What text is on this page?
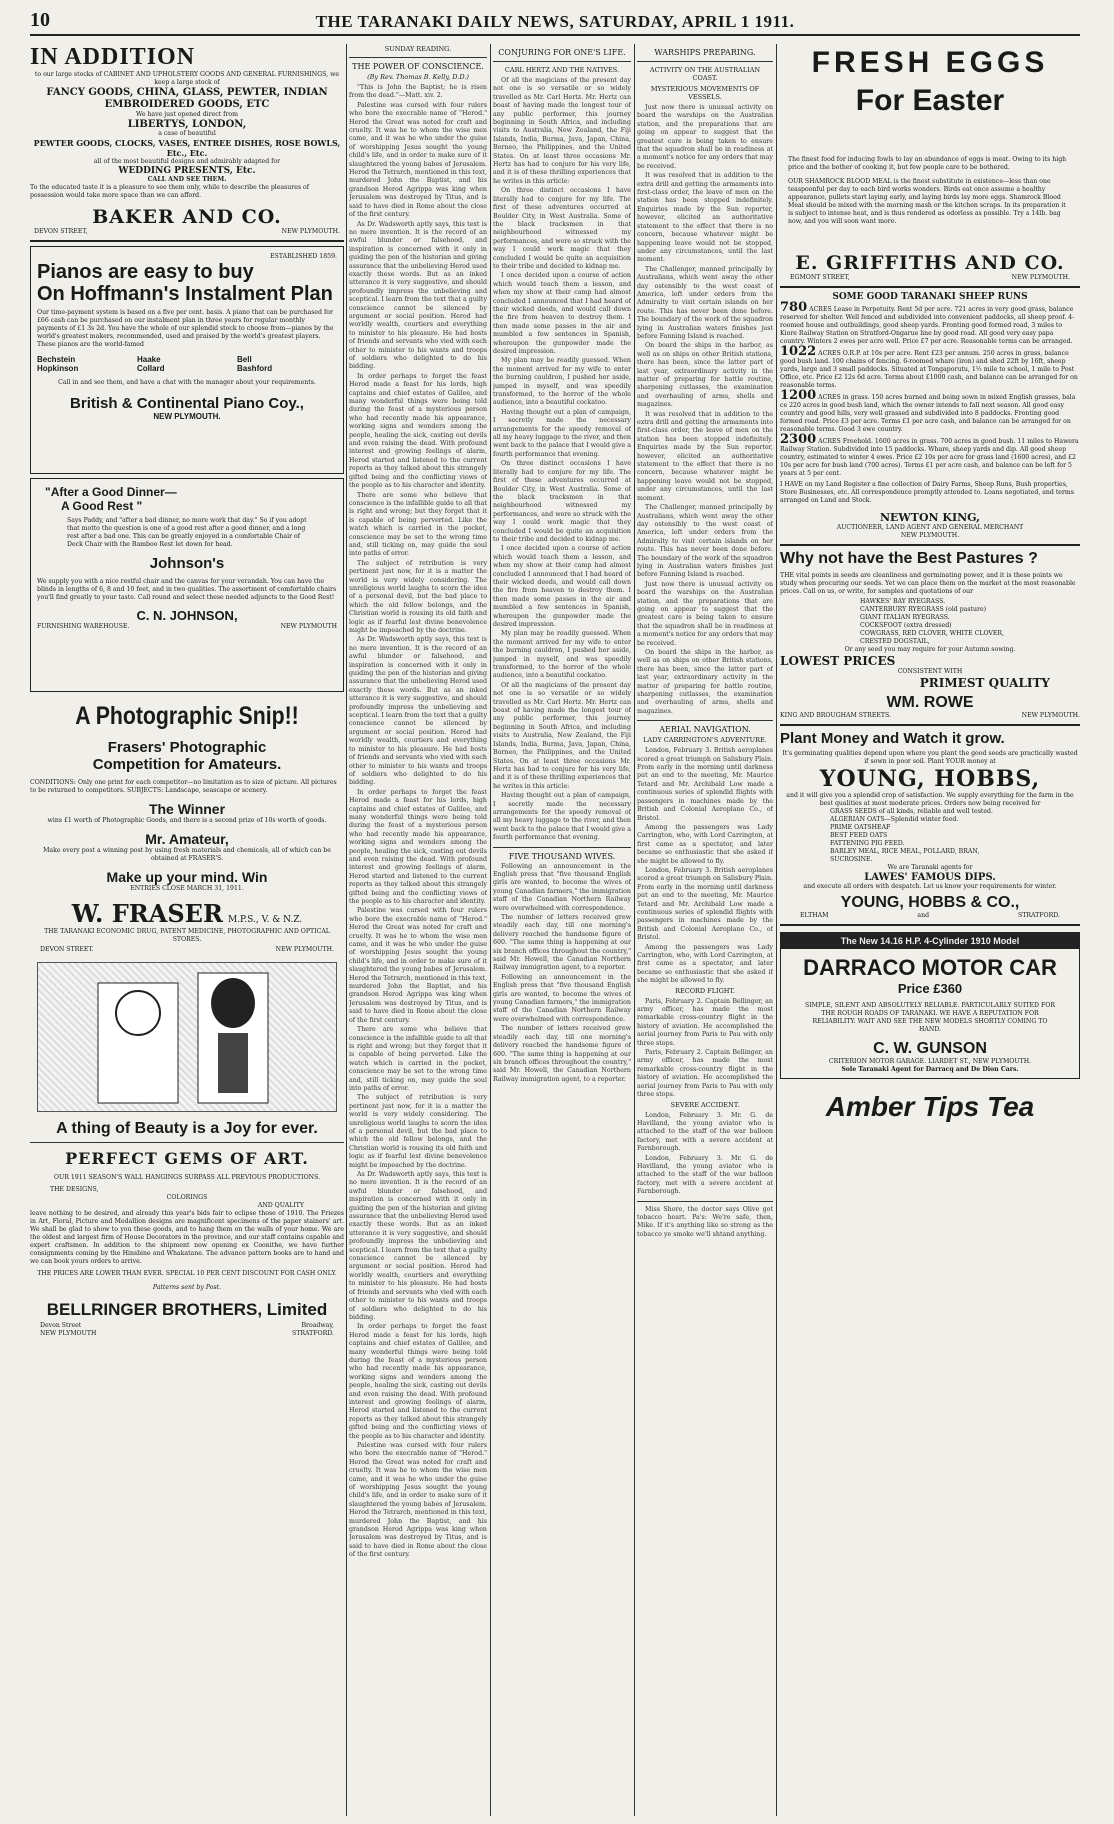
10	THE TARANAKI DAILY NEWS, SATURDAY, APRIL 1 1911.
IN ADDITION
to our large stocks of CABINET AND UPHOLSTERY GOODS AND GENERAL FURNISHINGS, we keep a large stock of
FANCY GOODS, CHINA, GLASS, PEWTER, INDIAN EMBROIDERED GOODS, ETC
We have just opened direct from
LIBERTYS, LONDON,
a case of beautiful
PEWTER GOODS, CLOCKS, VASES, ENTREE DISHES, ROSE BOWLS, Etc., Etc.
all of the most beautiful designs and admirably adapted for
WEDDING PRESENTS, Etc.
CALL AND SEE THEM.
To the educated taste it is a pleasure to see them only, while to describe the pleasures of possession would take more space than we can afford.
BAKER AND CO.
DEVON STREET,	NEW PLYMOUTH.
ESTABLISHED 1859.
Pianos are easy to buy
On Hoffmann's Instalment Plan
Our time-payment system is based on a five per cent. basis. A piano that can be purchased for £66 cash can be purchased on our instalment plan in three years for regular monthly payments of £1 3s 2d. You have the whole of our splendid stock to choose from—pianos by the world's greatest makers, recommended, used and praised by the world's greatest players. These pianos are the world-famed
Bechstein	Haake	Bell
Hopkinson	Collard	Bashford
Call in and see them, and have a chat with the manager about your requirements.
British & Continental Piano Coy.,
NEW PLYMOUTH.
"After a Good Dinner—
A Good Rest "
Says Paddy, and "after a bad dinner, no more work that day." So if you adopt that motto the question is one of a good rest after a good dinner, and a long rest after a bad one. This can be greatly enjoyed in a comfortable Chair of Deck Chair with the Bamboo Rest let down for head.
Johnson's
We supply you with a nice restful chair and the canvas for your verandah. You can have the blinds in lengths of 6, 8 and 10 feet, and in two qualities. The assortment of comfortable chairs you'll find greatly to your taste. Call round and select these needed adjuncts to the Good Rest!
C. N. JOHNSON,
FURNISHING WAREHOUSE.	NEW PLYMOUTH
A Photographic Snip!!
Frasers' Photographic
Competition for Amateurs.
CONDITIONS: Only one print for each competitor—no limitation as to size of picture. All pictures to be returned to competitors. SUBJECTS: Landscape, seascape or scenery.
The Winner
wins £1 worth of Photographic Goods, and there is a second prize of 10s worth of goods.
Mr. Amateur,
Make every post a winning post by using fresh materials and chemicals, all of which can be obtained at FRASER'S.
Make up your mind. Win
ENTRIES CLOSE MARCH 31, 1911.
W. FRASER M.P.S., V. & N.Z.
THE TARANAKI ECONOMIC DRUG, PATENT MEDICINE, PHOTOGRAPHIC AND OPTICAL STORES.
DEVON STREET.	NEW PLYMOUTH.
A thing of Beauty is a Joy for ever.
PERFECT GEMS OF ART.
OUR 1911 SEASON'S WALL HANGINGS SURPASS ALL PREVIOUS PRODUCTIONS.
THE DESIGNS,
COLORINGS
AND QUALITY
leave nothing to be desired, and already this year's bids fair to eclipse those of 1910. The Friezes in Art, Floral, Picture and Medallion designs are magnificent specimens of the paper stainers' art. We shall be glad to show to you these goods, and to hang them on the walls of your home. We are the oldest and largest firm of House Decorators in the province, and our staff contains capable and expert craftsmen. In addition to the shipment now opening ex Coonithe, we have further consignments coming by the Hinsbine and Whakatane. The advance pattern books are to hand and we can book yours orders to arrive.
THE PRICES ARE LOWER THAN EVER. SPECIAL 10 PER CENT DISCOUNT FOR CASH ONLY.
Patterns sent by Post.
BELLRINGER BROTHERS, Limited
Devon Street	Broadway,
NEW PLYMOUTH	STRATFORD.
SUNDAY READING.
THE POWER OF CONSCIENCE.
(By Rev. Thomas B. Kelly, D.D.)

"This is John the Baptist; he is risen from the dead."—Matt. xiv. 2.

Palestine was cursed with four rulers who bore the execrable name of "Herod." Herod the Great was noted for craft and cruelty. It was he to whom the wise men came, and it was he who under the guise of worshipping Jesus sought the young child's life, and in order to make sure of it slaughtered the young babes of Jerusalem. Herod the Tetrarch, mentioned in this text, murdered John the Baptist, and his grandson Herod Agrippa was king when Jerusalem was destroyed by Titus, and is said to have died in Rome about the close of the first century.

As Dr. Wadsworth aptly says, this text is no mere invention. It is the record of an awful blunder or falsehood, and inspiration is concerned with it only in guiding the pen of the historian and giving assurance that the unbelieving Herod used exactly these words. But as an inked utterance it is very suggestive, and should profoundly impress the unbelieving and sceptical. I learn from the text that a guilty conscience cannot be silenced by argument or social position. Herod had worldly wealth, courtiers and everything to minister to his pleasure. He had hosts of friends and servants who vied with each other to minister to his wants and troops of soldiers who delighted to do his bidding.

In order perhaps to forget the feast Herod made a feast for his lords, high captains and chief estates of Galilee, and many wonderful things were being told during the feast of a mysterious person who had recently made his appearance, working signs and wonders among the people, healing the sick, casting out devils and even raising the dead. With profound interest and growing feelings of alarm, Herod started and listened to the current reports as they talked about this strangely gifted being and the conflicting views of the people as to his character and identity.

There are some who believe that conscience is the infallible guide to all that is right and wrong; but they forget that it is capable of being perverted. Like the watch which is carried in the pocket, conscience may be set to the wrong time and, still ticking on, may guide the soul into paths of error.

The subject of retribution is very pertinent just now, for it is a matter the world is very widely considering. The unreligious world laughs to scorn the idea of a personal devil, but the bad place to which the old fellow belongs, and the Christian world is rousing its old faith and logic as if fearful lest divine benevolence might be impeached by the doctrine.

As Dr. Wadsworth aptly says, this text is no mere invention. It is the record of an awful blunder or falsehood, and inspiration is concerned with it only in guiding the pen of the historian and giving assurance that the unbelieving Herod used exactly these words. But as an inked utterance it is very suggestive, and should profoundly impress the unbelieving and sceptical. I learn from the text that a guilty conscience cannot be silenced by argument or social position. Herod had worldly wealth, courtiers and everything to minister to his pleasure. He had hosts of friends and servants who vied with each other to minister to his wants and troops of soldiers who delighted to do his bidding.

In order perhaps to forget the feast Herod made a feast for his lords, high captains and chief estates of Galilee, and many wonderful things were being told during the feast of a mysterious person who had recently made his appearance, working signs and wonders among the people, healing the sick, casting out devils and even raising the dead. With profound interest and growing feelings of alarm, Herod started and listened to the current reports as they talked about this strangely gifted being and the conflicting views of the people as to his character and identity.

Palestine was cursed with four rulers who bore the execrable name of "Herod." Herod the Great was noted for craft and cruelty. It was he to whom the wise men came, and it was he who under the guise of worshipping Jesus sought the young child's life, and in order to make sure of it slaughtered the young babes of Jerusalem. Herod the Tetrarch, mentioned in this text, murdered John the Baptist, and his grandson Herod Agrippa was king when Jerusalem was destroyed by Titus, and is said to have died in Rome about the close of the first century.

There are some who believe that conscience is the infallible guide to all that is right and wrong; but they forget that it is capable of being perverted. Like the watch which is carried in the pocket, conscience may be set to the wrong time and, still ticking on, may guide the soul into paths of error.

The subject of retribution is very pertinent just now, for it is a matter the world is very widely considering. The unreligious world laughs to scorn the idea of a personal devil, but the bad place to which the old fellow belongs, and the Christian world is rousing its old faith and logic as if fearful lest divine benevolence might be impeached by the doctrine.

As Dr. Wadsworth aptly says, this text is no mere invention. It is the record of an awful blunder or falsehood, and inspiration is concerned with it only in guiding the pen of the historian and giving assurance that the unbelieving Herod used exactly these words. But as an inked utterance it is very suggestive, and should profoundly impress the unbelieving and sceptical. I learn from the text that a guilty conscience cannot be silenced by argument or social position. Herod had worldly wealth, courtiers and everything to minister to his pleasure. He had hosts of friends and servants who vied with each other to minister to his wants and troops of soldiers who delighted to do his bidding.

In order perhaps to forget the feast Herod made a feast for his lords, high captains and chief estates of Galilee, and many wonderful things were being told during the feast of a mysterious person who had recently made his appearance, working signs and wonders among the people, healing the sick, casting out devils and even raising the dead. With profound interest and growing feelings of alarm, Herod started and listened to the current reports as they talked about this strangely gifted being and the conflicting views of the people as to his character and identity.

Palestine was cursed with four rulers who bore the execrable name of "Herod." Herod the Great was noted for craft and cruelty. It was he to whom the wise men came, and it was he who under the guise of worshipping Jesus sought the young child's life, and in order to make sure of it slaughtered the young babes of Jerusalem. Herod the Tetrarch, mentioned in this text, murdered John the Baptist, and his grandson Herod Agrippa was king when Jerusalem was destroyed by Titus, and is said to have died in Rome about the close of the first century.

CONJURING FOR ONE'S LIFE.
CARL HERTZ AND THE NATIVES.

Of all the magicians of the present day not one is so versatile or so widely travelled as Mr. Carl Hertz. Mr. Hertz can boast of having made the longest tour of any public performer, this journey beginning in South Africa, and including visits to Australia, New Zealand, the Fiji Islands, India, Burma, Java, Japan, China, Borneo, the Philippines, and the United States. On at least three occasions Mr. Hertz has had to conjure for his very life, and it is of these thrilling experiences that he writes in this article:

On three distinct occasions I have literally had to conjure for my life. The first of these adventures occurred at Boulder City, in West Australia. Some of the black tracksmen in that neighbourhood witnessed my performances, and were so struck with the way I could work magic that they concluded I would be quite an acquisition to their tribe and decided to kidnap me.

I once decided upon a course of action which would teach them a lesson, and when my show at their camp had almost concluded I announced that I had heard of their wicked deeds, and would call down the fire from heaven to destroy them. I then made some passes in the air and mumbled a few sentences in Spanish, whereupon the gunpowder made the desired impression.

My plan may be readily guessed. When the moment arrived for my wife to enter the burning cauldron, I pushed her aside, jumped in myself, and was speedily transformed, to the horror of the whole audience, into a beautiful cockatoo.

Having thought out a plan of campaign, I secretly made the necessary arrangements for the speedy removal of all my heavy luggage to the river, and then went back to the palace that I would give a fourth performance that evening.

On three distinct occasions I have literally had to conjure for my life. The first of these adventures occurred at Boulder City, in West Australia. Some of the black tracksmen in that neighbourhood witnessed my performances, and were so struck with the way I could work magic that they concluded I would be quite an acquisition to their tribe and decided to kidnap me.

I once decided upon a course of action which would teach them a lesson, and when my show at their camp had almost concluded I announced that I had heard of their wicked deeds, and would call down the fire from heaven to destroy them. I then made some passes in the air and mumbled a few sentences in Spanish, whereupon the gunpowder made the desired impression.

My plan may be readily guessed. When the moment arrived for my wife to enter the burning cauldron, I pushed her aside, jumped in myself, and was speedily transformed, to the horror of the whole audience, into a beautiful cockatoo.

Of all the magicians of the present day not one is so versatile or so widely travelled as Mr. Carl Hertz. Mr. Hertz can boast of having made the longest tour of any public performer, this journey beginning in South Africa, and including visits to Australia, New Zealand, the Fiji Islands, India, Burma, Java, Japan, China, Borneo, the Philippines, and the United States. On at least three occasions Mr. Hertz has had to conjure for his very life, and it is of these thrilling experiences that he writes in this article:

Having thought out a plan of campaign, I secretly made the necessary arrangements for the speedy removal of all my heavy luggage to the river, and then went back to the palace that I would give a fourth performance that evening.

FIVE THOUSAND WIVES.

Following an announcement in the English press that "five thousand English girls are wanted, to become the wives of young Canadian farmers," the immigration staff of the Canadian Northern Railway were overwhelmed with correspondence.

The number of letters received grew steadily each day, till one morning's delivery reached the handsome figure of 600. "The same thing is happening at our six branch offices throughout the country," said Mr. Howell, the Canadian Northern Railway immigration agent, to a reporter.

Following an announcement in the English press that "five thousand English girls are wanted, to become the wives of young Canadian farmers," the immigration staff of the Canadian Northern Railway were overwhelmed with correspondence.

The number of letters received grew steadily each day, till one morning's delivery reached the handsome figure of 600. "The same thing is happening at our six branch offices throughout the country," said Mr. Howell, the Canadian Northern Railway immigration agent, to a reporter.

WARSHIPS PREPARING.
ACTIVITY ON THE AUSTRALIAN COAST.
MYSTERIOUS MOVEMENTS OF VESSELS.

Just now there is unusual activity on board the warships on the Australian station, and the preparations that are going on appear to suggest that the greatest care is being taken to ensure that the squadron shall be in readiness at a moment's notice for any orders that may be received.

It was resolved that in addition to the extra drill and getting the armaments into first-class order, the leave of men on the station has been stopped indefinitely. Enquiries made by the Sun reporter, however, elicited an authoritative statement to the effect that there is no concern, because whatever might be happening leave would not be stopped, under any circumstances, until the last moment.

The Challenger, manned principally by Australians, which went away the other day ostensibly to the west coast of America, left under orders from the Admiralty to visit certain islands on her route. This has never been done before. The boundary of the work of the squadron lying in Australian waters finishes just before Fanning Island is reached.

On board the ships in the harbor, as well as on ships on other British stations, there has been, since the latter part of last year, extraordinary activity in the matter of preparing for battle routine, sharpening cutlasses, the examination and overhauling of arms, shells and magazines.

It was resolved that in addition to the extra drill and getting the armaments into first-class order, the leave of men on the station has been stopped indefinitely. Enquiries made by the Sun reporter, however, elicited an authoritative statement to the effect that there is no concern, because whatever might be happening leave would not be stopped, under any circumstances, until the last moment.

The Challenger, manned principally by Australians, which went away the other day ostensibly to the west coast of America, left under orders from the Admiralty to visit certain islands on her route. This has never been done before. The boundary of the work of the squadron lying in Australian waters finishes just before Fanning Island is reached.

Just now there is unusual activity on board the warships on the Australian station, and the preparations that are going on appear to suggest that the greatest care is being taken to ensure that the squadron shall be in readiness at a moment's notice for any orders that may be received.

On board the ships in the harbor, as well as on ships on other British stations, there has been, since the latter part of last year, extraordinary activity in the matter of preparing for battle routine, sharpening cutlasses, the examination and overhauling of arms, shells and magazines.

AERIAL NAVIGATION.
LADY CARRINGTON'S ADVENTURE.

London, February 3. British aeroplanes scored a great triumph on Salisbury Plain. From early in the morning until darkness put an end to the meeting, Mr. Maurice Tetard and Mr. Archibald Low made a continuous series of splendid flights with passengers in machines made by the British and Colonial Aeroplane Co., of Bristol.

Among the passengers was Lady Carrington, who, with Lord Carrington, at first came as a spectator, and later became so enthusiastic that she asked if she might be allowed to fly.

London, February 3. British aeroplanes scored a great triumph on Salisbury Plain. From early in the morning until darkness put an end to the meeting, Mr. Maurice Tetard and Mr. Archibald Low made a continuous series of splendid flights with passengers in machines made by the British and Colonial Aeroplane Co., of Bristol.

Among the passengers was Lady Carrington, who, with Lord Carrington, at first came as a spectator, and later became so enthusiastic that she asked if she might be allowed to fly.

RECORD FLIGHT.

Paris, February 2. Captain Bellinger, an army officer, has made the most remarkable cross-country flight in the history of aviation. He accomplished the aerial journey from Paris to Pau with only three stops.

Paris, February 2. Captain Bellinger, an army officer, has made the most remarkable cross-country flight in the history of aviation. He accomplished the aerial journey from Paris to Pau with only three stops.

SEVERE ACCIDENT.

London, February 3. Mr. G. de Havilland, the young aviator who is attached to the staff of the war balloon factory, met with a severe accident at Farnborough.

London, February 3. Mr. G. de Havilland, the young aviator who is attached to the staff of the war balloon factory, met with a severe accident at Farnborough.

Miss Shore, the doctor says Olive got tobacco heart. Pa's: We're safe, then, Mike. If it's anything like so strong as the tobacco ye smoke we'll shtand anything.

FRESH EGGS
For Easter
The finest food for inducing fowls to lay an abundance of eggs is meat. Owing to its high price and the bother of cooking it, but few people care to be bothered.
OUR SHAMROCK BLOOD MEAL is the finest substitute in existence—less than one teaspoonful per day to each bird works wonders. Birds eat once assume a healthy appearance, pullets start laying early, and laying birds lay more eggs. Shamrock Blood Meal should be mixed with the morning mash or the kitchen scraps. In its preparation it is subject to intense heat, and is thus rendered as odorless as possible. Try a 14lb. bag now, and you will soon want more.
E. GRIFFITHS AND CO.
EGMONT STREET,	NEW PLYMOUTH.
SOME GOOD TARANAKI SHEEP RUNS
780 ACRES Lease in Perpetuity. Rent 5d per acre. 721 acres in very good grass, balance reserved for shelter. Well fenced and subdivided into convenient paddocks, all sheep proof. 4-roomed house and outbuildings, good sheep yards. Fronting good formed road, 3 miles to Kiore Railway Station on Stratford-Ongarue line by good road. All good very easy papa country. Winters 2 ewes per acre well. Price £7 per acre. Reasonable terms can be arranged.
1022 ACRES O.R.P. at 10s per acre. Rent £23 per annum. 250 acres in grass, balance good bush land. 100 chains of fencing. 6-roomed whare (iron) and shed 22ft by 16ft, sheep yards, large and 3 small paddocks. Situated at Tongaporutu, 1½ mile to school, 1 mile to Post Office, etc. Price £2 12s 6d acre. Terms about £1000 cash, and balance can be arranged for on reasonable terms.
1200 ACRES in grass. 150 acres burned and being sown in mixed English grasses, bala ce 220 acres in good bush land, which the owner intends to fall next season. All good easy country and good hills, very well grassed and subdivided into 8 paddocks. Fronting good formed road. Price £3 per acre. Terms £1 per acre cash, and balance can be arranged for on reasonable terms. Good 3 ewe country.
2300 ACRES Freehold. 1600 acres in grass. 700 acres in good bush. 11 miles to Hawera Railway Station. Subdivided into 15 paddocks. Whare, sheep yards and dip. All good sheep country, estimated to winter 4 ewes. Price £2 10s per acre for grass land (1600 acres), and £2 10s per acre for bush land (700 acres). Terms £1 per acre cash, and balance can be left for 5 years at 5 per cent.
I HAVE on my Land Register a fine collection of Dairy Farms, Sheep Runs, Bush properties, Store Businesses, etc. All correspondence promptly attended to. Loans negotiated, and terms arranged on Land and Stock.
NEWTON KING,
AUCTIONEER, LAND AGENT AND GENERAL MERCHANT
NEW PLYMOUTH.
Why not have the Best Pastures ?
THE vital points in seeds are cleanliness and germinating power, and it is these points we study when procuring our seeds. Yet we can place them on the market at the most reasonable prices. Call on us, or write, for samples and quotations of our
HAWKES' BAY RYEGRASS.
CANTERBURY RYEGRASS (old pasture)
GIANT ITALIAN RYEGRASS.
COCKSFOOT (extra dressed)
COWGRASS, RED CLOVER, WHITE CLOVER,
CRESTED DOGSTAIL,
Or any seed you may require for your Autumn sowing.
LOWEST PRICES
CONSISTENT WITH
PRIMEST QUALITY
WM. ROWE
KING AND BROUGHAM STREETS.	NEW PLYMOUTH.
Plant Money and Watch it grow.
It's germinating qualities depend upon where you plant the good seeds are practically wasted if sown in poor soil. Plant YOUR money at
YOUNG, HOBBS,
and it will give you a splendid crop of satisfaction. We supply everything for the farm in the best qualities at most moderate prices. Orders now being received for
GRASS SEEDS of all kinds, reliable and well tested.
ALGERIAN OATS—Splendid winter feed.
PRIME OATSHEAF
BEST FEED OATS
FATTENING PIG FEED.
BARLEY MEAL, RICE MEAL, POLLARD, BRAN,
SUCROSINE.
We are Taranaki agents for
LAWES' FAMOUS DIPS.
and execute all orders with despatch. Let us know your requirements for winter.
YOUNG, HOBBS & CO.,
ELTHAM	and	STRATFORD.
The New 14.16 H.P. 4-Cylinder 1910 Model
DARRACO MOTOR CAR
Price £360
SIMPLE, SILENT AND ABSOLUTELY RELIABLE. PARTICULARLY SUITED FOR THE ROUGH ROADS OF TARANAKI. WE HAVE A REPUTATION FOR RELIABILITY. WAIT AND SEE THE NEW MODELS SHORTLY COMING TO HAND.
C. W. GUNSON
CRITERION MOTOR GARAGE. LIARDET ST., NEW PLYMOUTH.
Sole Taranaki Agent for Darracq and De Dion Cars.
Amber Tips Tea
